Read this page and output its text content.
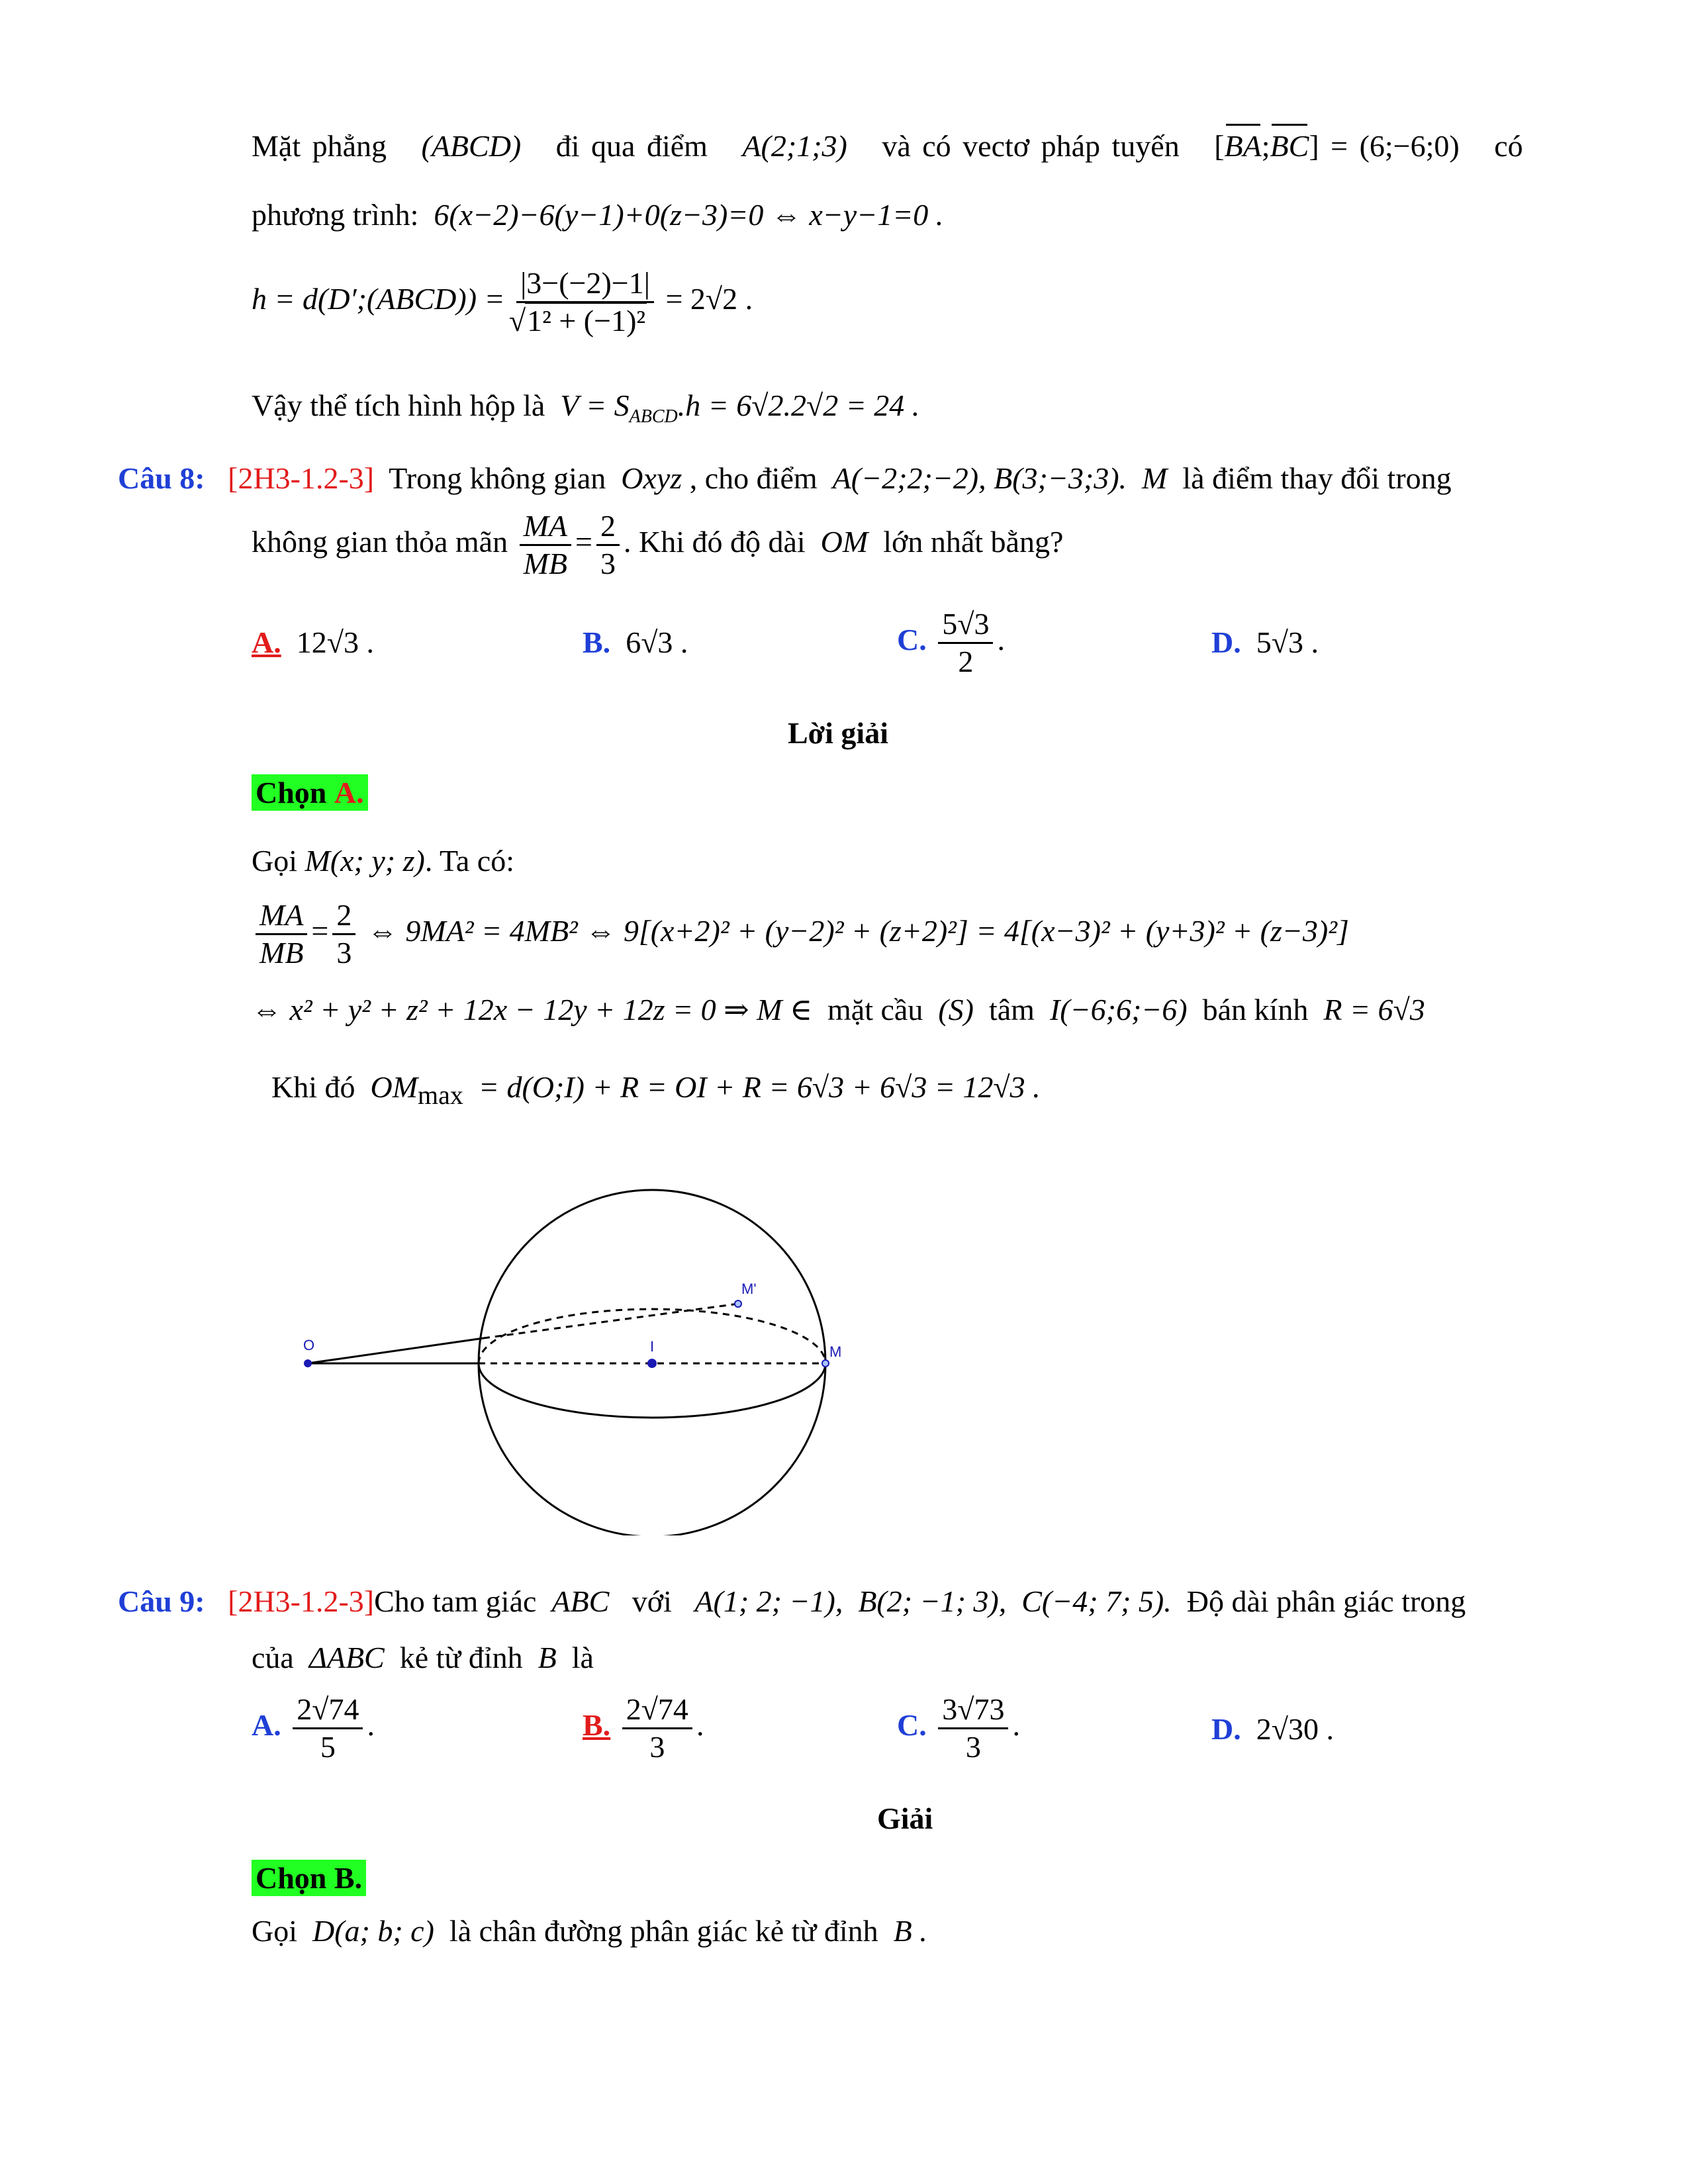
Mặt phẳng (ABCD) đi qua điểm A(2;1;3) và có vectơ pháp tuyến   [BA;BC] = (6;−6;0) có
phương trình: 6(x−2)−6(y−1)+0(z−3)=0 ⇔ x−y−1=0 .
h = d(D′;(ABCD)) = |3−(−2)−1|
√ 1² + (−1)² = 2√2 .
Vậy thể tích hình hộp là $V = S_{ABCD}.h = 6√2.2√2 = 24$ .
Câu 8: [2H3-1.2-3] Trong không gian Oxyz , cho điểm A(−2;2;−2), B(3;−3;3). M là điểm thay đổi trong
không gian thỏa mãn $\frac{MA}{MB} = \frac{2}{3}$ . Khi đó độ dài OM lớn nhất bằng?
A. 12√3 .	B. 6√3 .	C. $\frac{5√3}{2}$ .	D. 5√3 .
Lời giải
Chọn A.
Gọi M(x; y; z). Ta có:
$\frac{MA}{MB} = \frac{2}{3}$ ⇔ 9MA² = 4MB² ⇔ 9[(x+2)² + (y−2)² + (z+2)²] = 4[(x−3)² + (y+3)² + (z−3)²]
⇔ x² + y² + z² + 12x − 12y + 12z = 0 ⇒ M ∈ mặt cầu (S) tâm I(−6;6;−6) bán kính R = 6√3
Khi đó $OM_{max}$ = d(O;I) + R = OI + R = 6√3 + 6√3 = 12√3 .
O	I	M
M'
Câu 9: [2H3-1.2-3]Cho tam giác ABC với A(1; 2; −1), B(2; −1; 3), C(−4; 7; 5). Độ dài phân giác trong
của ΔABC kẻ từ đỉnh B là
A. $\frac{2√74}{5}$ .	B. $\frac{2√74}{3}$ .	C. $\frac{3√73}{3}$ .	D. 2√30 .
Giải
Chọn B.
Gọi D(a; b; c) là chân đường phân giác kẻ từ đỉnh B .
